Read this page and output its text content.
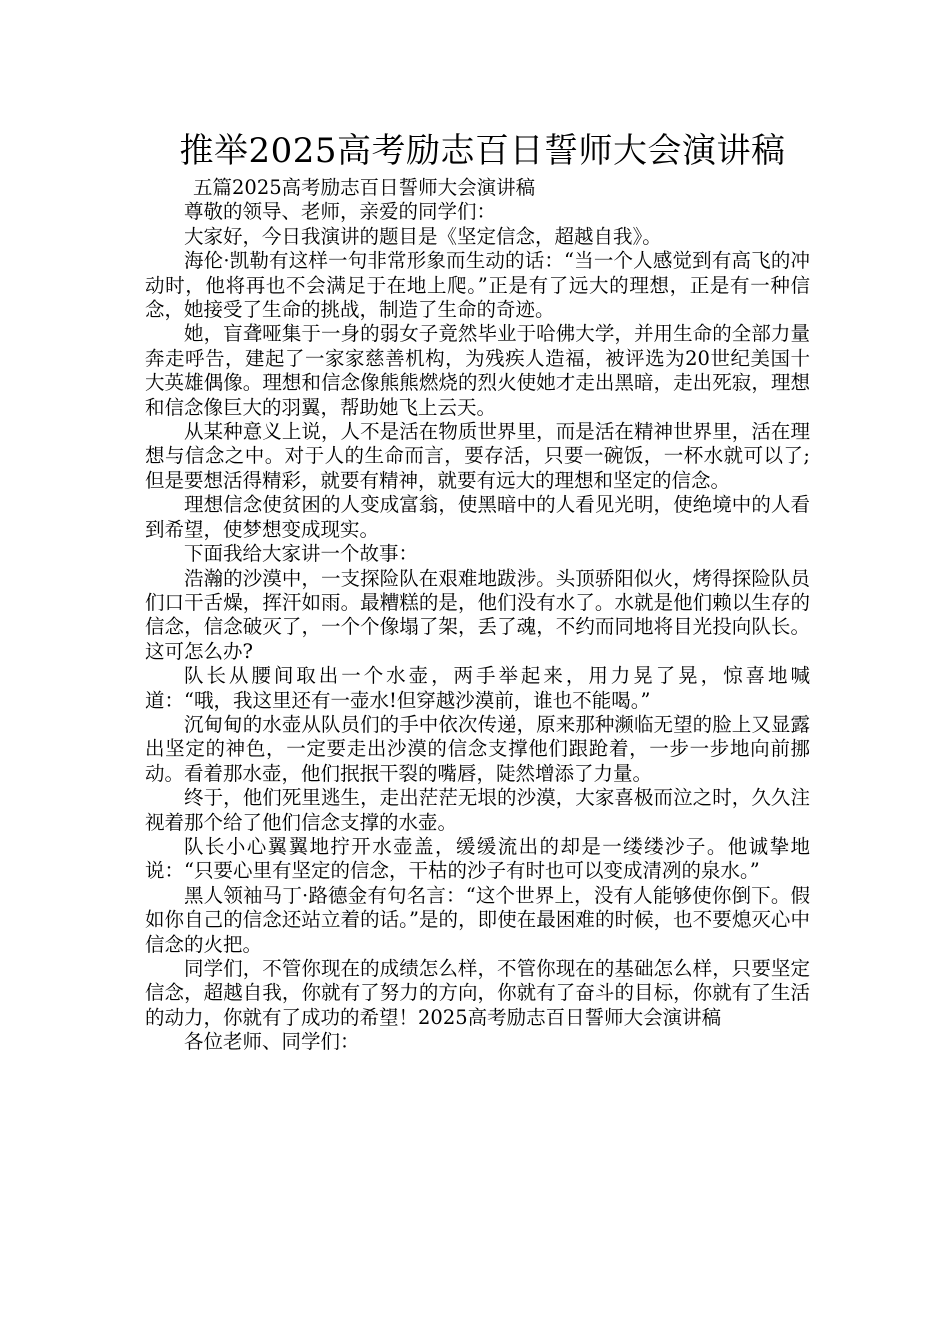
推举2025高考励志百日誓师大会演讲稿

五篇2025高考励志百日誓师大会演讲稿

尊敬的领导、老师，亲爱的同学们：

大家好，今日我演讲的题目是《坚定信念，超越自我》。

海伦·凯勒有这样一句非常形象而生动的话：“当一个人感觉到有高飞的冲动时，他将再也不会满足于在地上爬。”正是有了远大的理想，正是有一种信念，她接受了生命的挑战，制造了生命的奇迹。

她，盲聋哑集于一身的弱女子竟然毕业于哈佛大学，并用生命的全部力量奔走呼告，建起了一家家慈善机构，为残疾人造福，被评选为20世纪美国十大英雄偶像。理想和信念像熊熊燃烧的烈火使她才走出黑暗，走出死寂，理想和信念像巨大的羽翼，帮助她飞上云天。

从某种意义上说，人不是活在物质世界里，而是活在精神世界里，活在理想与信念之中。对于人的生命而言，要存活，只要一碗饭，一杯水就可以了;但是要想活得精彩，就要有精神，就要有远大的理想和坚定的信念。

理想信念使贫困的人变成富翁，使黑暗中的人看见光明，使绝境中的人看到希望，使梦想变成现实。

下面我给大家讲一个故事：

浩瀚的沙漠中，一支探险队在艰难地跋涉。头顶骄阳似火，烤得探险队员们口干舌燥，挥汗如雨。最糟糕的是，他们没有水了。水就是他们赖以生存的信念，信念破灭了，一个个像塌了架，丢了魂，不约而同地将目光投向队长。这可怎么办?

队长从腰间取出一个水壶，两手举起来，用力晃了晃，惊喜地喊道：“哦，我这里还有一壶水!但穿越沙漠前，谁也不能喝。”

沉甸甸的水壶从队员们的手中依次传递，原来那种濒临无望的脸上又显露出坚定的神色，一定要走出沙漠的信念支撑他们跟跄着，一步一步地向前挪动。看着那水壶，他们抿抿干裂的嘴唇，陡然增添了力量。

终于，他们死里逃生，走出茫茫无垠的沙漠，大家喜极而泣之时，久久注视着那个给了他们信念支撑的水壶。

队长小心翼翼地拧开水壶盖，缓缓流出的却是一缕缕沙子。他诚挚地说：“只要心里有坚定的信念，干枯的沙子有时也可以变成清冽的泉水。”

黑人领袖马丁·路德金有句名言：“这个世界上，没有人能够使你倒下。假如你自己的信念还站立着的话。”是的，即使在最困难的时候，也不要熄灭心中信念的火把。

同学们，不管你现在的成绩怎么样，不管你现在的基础怎么样，只要坚定信念，超越自我，你就有了努力的方向，你就有了奋斗的目标，你就有了生活的动力，你就有了成功的希望！2025高考励志百日誓师大会演讲稿

各位老师、同学们：
